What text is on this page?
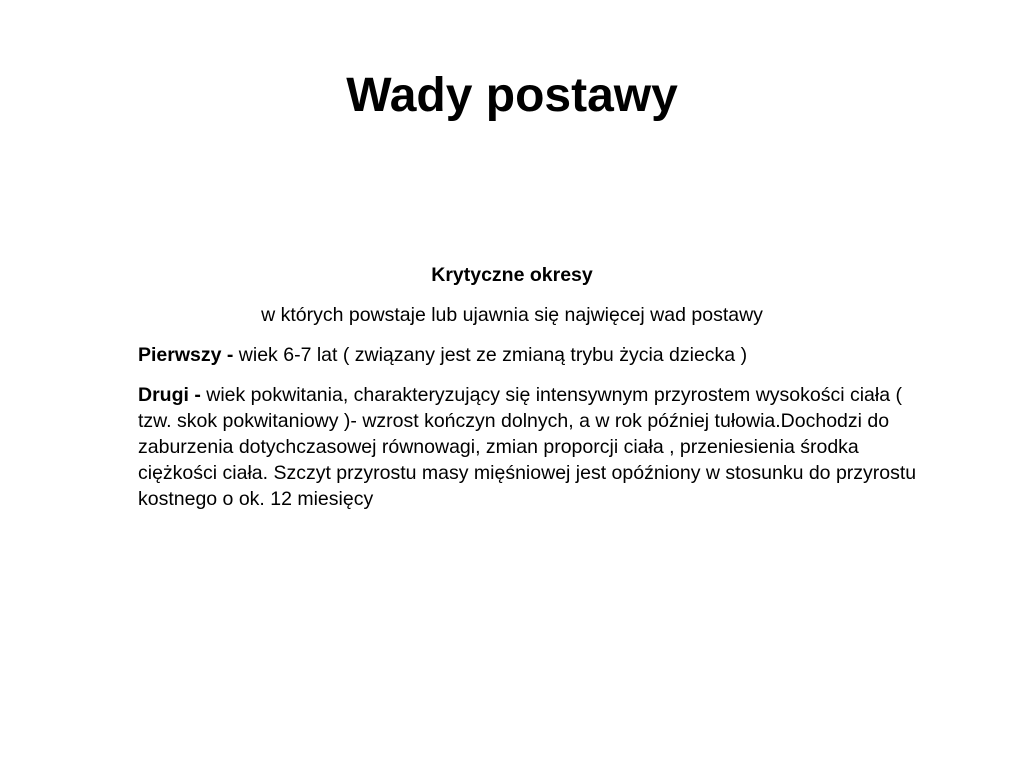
Wady postawy

Krytyczne okresy

w których powstaje lub ujawnia się najwięcej wad postawy

Pierwszy - wiek 6-7 lat ( związany jest ze zmianą trybu życia dziecka )

Drugi - wiek pokwitania, charakteryzujący się intensywnym przyrostem wysokości ciała ( tzw. skok pokwitaniowy )- wzrost kończyn dolnych, a w rok później tułowia.Dochodzi do zaburzenia dotychczasowej równowagi, zmian proporcji ciała , przeniesienia środka ciężkości ciała. Szczyt przyrostu masy mięśniowej jest opóźniony w stosunku do przyrostu kostnego o ok. 12 miesięcy
